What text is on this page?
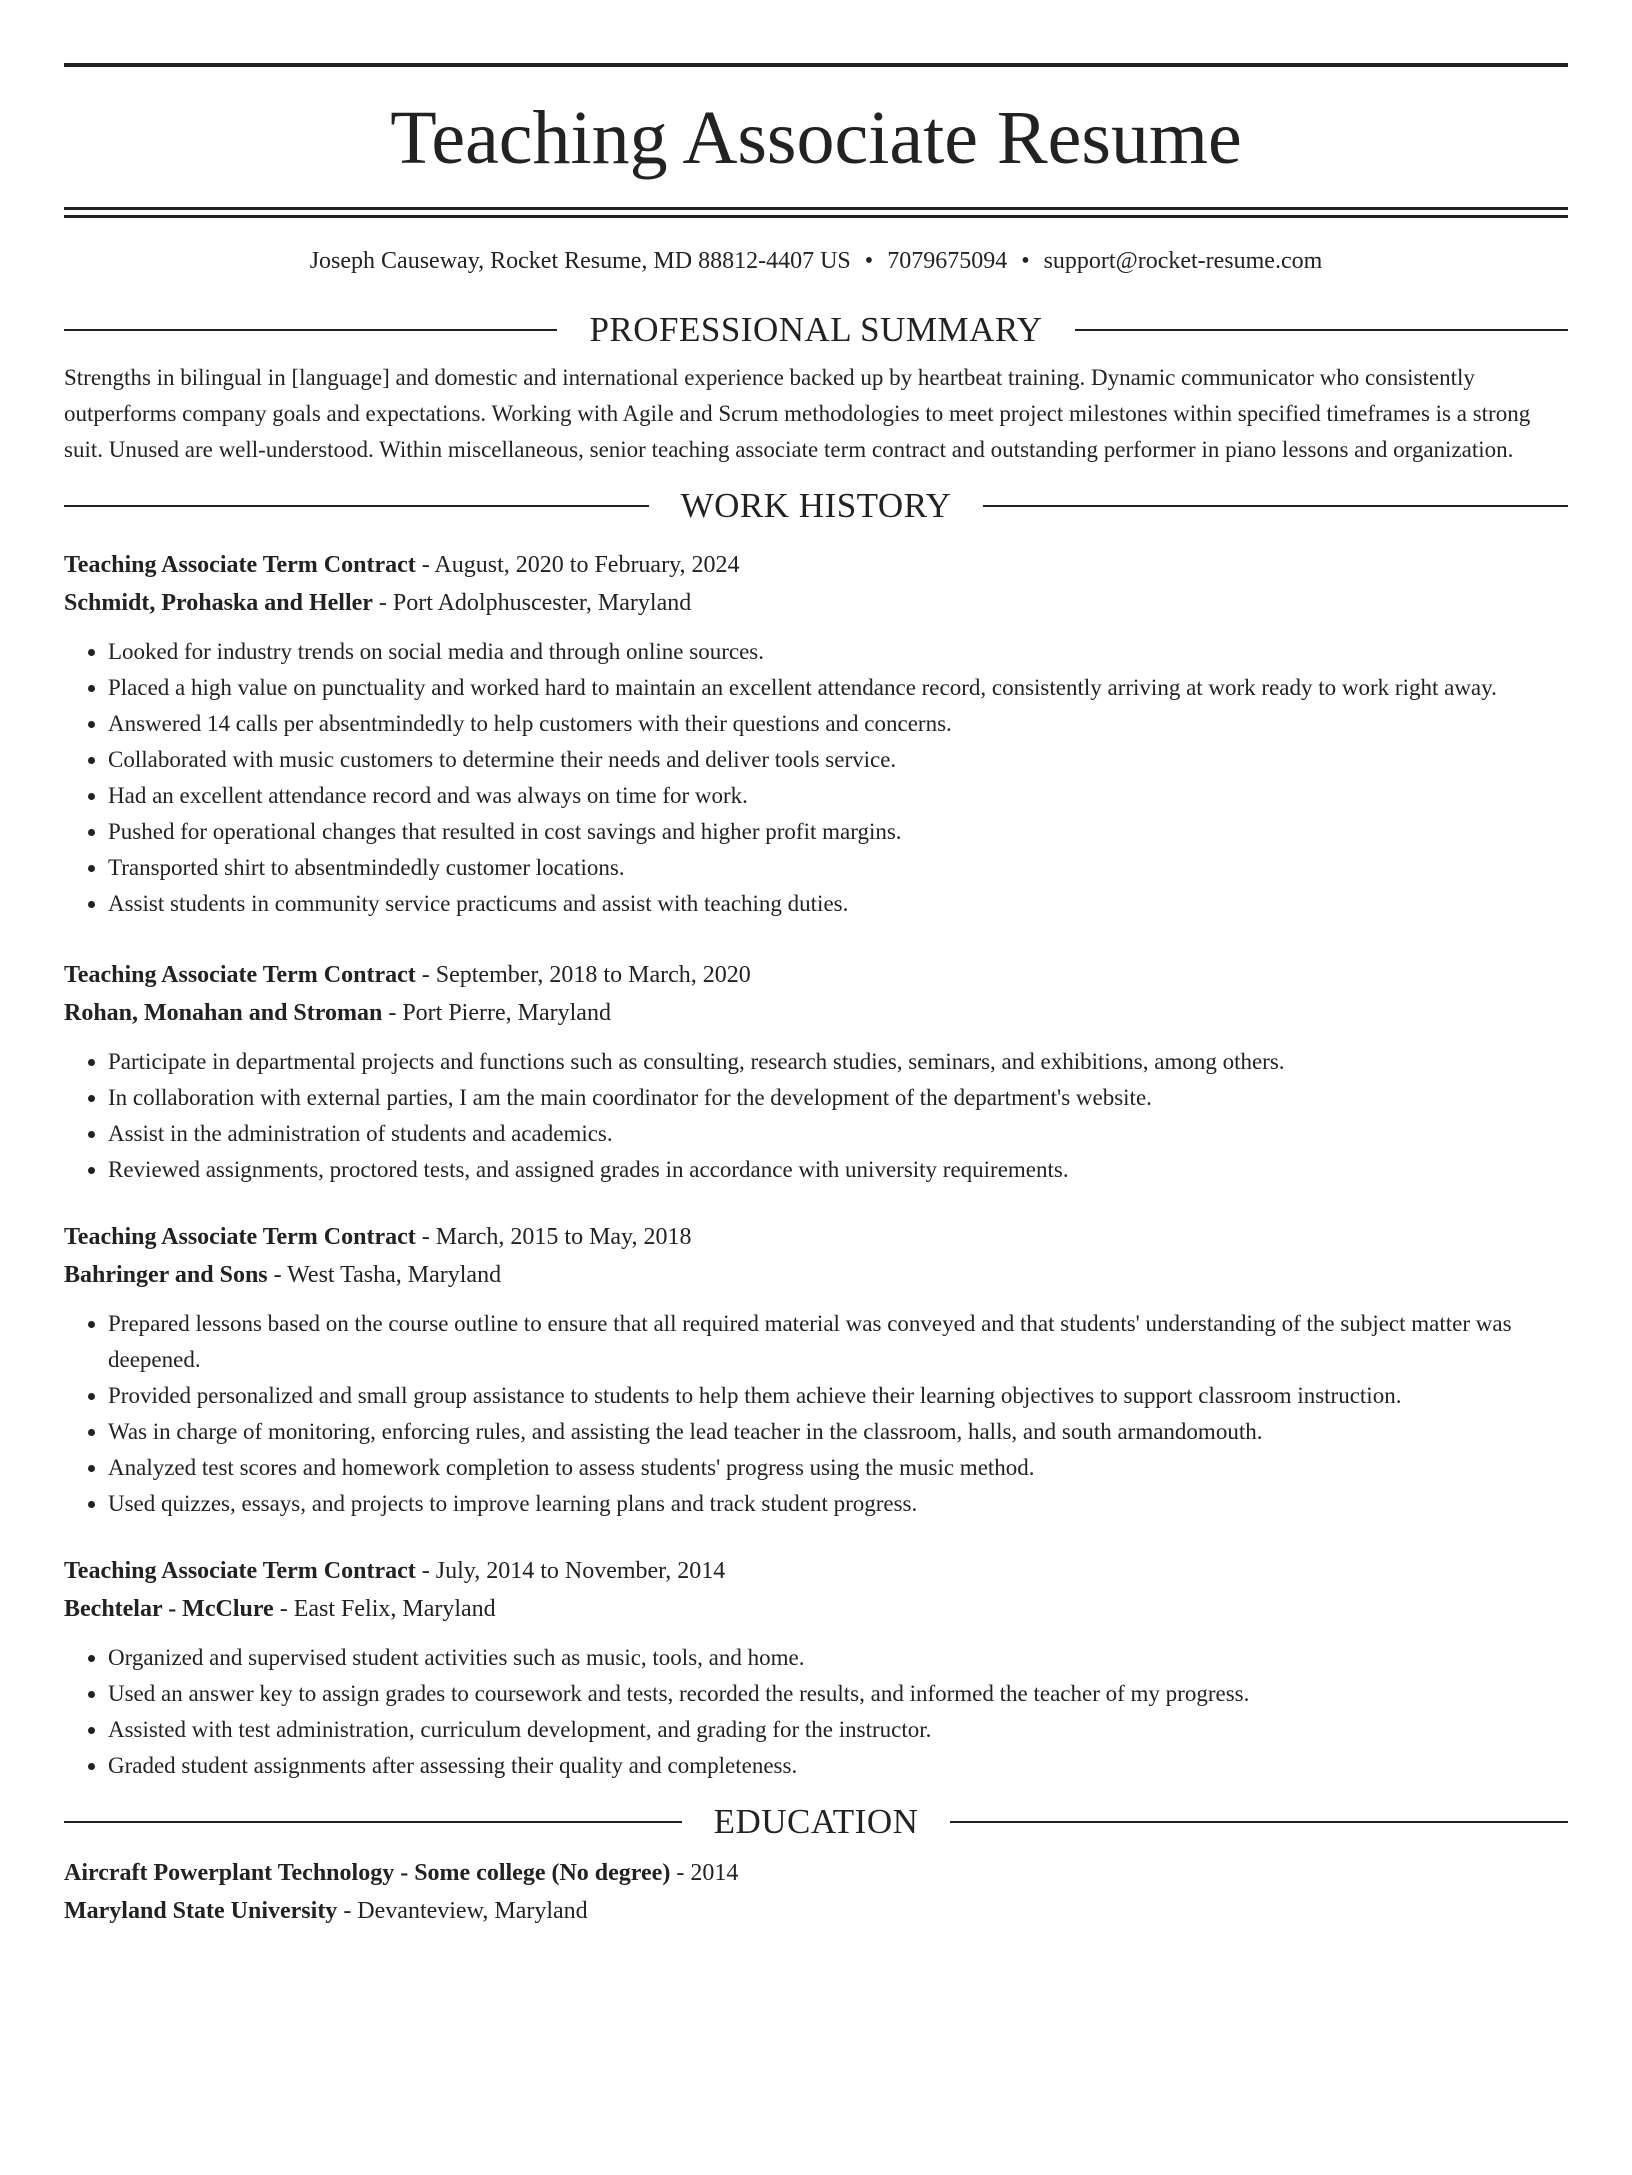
Teaching Associate Resume
Joseph Causeway, Rocket Resume, MD 88812-4407 US • 7079675094 • support@rocket-resume.com
PROFESSIONAL SUMMARY
Strengths in bilingual in [language] and domestic and international experience backed up by heartbeat training. Dynamic communicator who consistently outperforms company goals and expectations. Working with Agile and Scrum methodologies to meet project milestones within specified timeframes is a strong suit. Unused are well-understood. Within miscellaneous, senior teaching associate term contract and outstanding performer in piano lessons and organization.
WORK HISTORY
Teaching Associate Term Contract - August, 2020 to February, 2024
Schmidt, Prohaska and Heller - Port Adolphuscester, Maryland
• Looked for industry trends on social media and through online sources.
• Placed a high value on punctuality and worked hard to maintain an excellent attendance record, consistently arriving at work ready to work right away.
• Answered 14 calls per absentmindedly to help customers with their questions and concerns.
• Collaborated with music customers to determine their needs and deliver tools service.
• Had an excellent attendance record and was always on time for work.
• Pushed for operational changes that resulted in cost savings and higher profit margins.
• Transported shirt to absentmindedly customer locations.
• Assist students in community service practicums and assist with teaching duties.
Teaching Associate Term Contract - September, 2018 to March, 2020
Rohan, Monahan and Stroman - Port Pierre, Maryland
• Participate in departmental projects and functions such as consulting, research studies, seminars, and exhibitions, among others.
• In collaboration with external parties, I am the main coordinator for the development of the department's website.
• Assist in the administration of students and academics.
• Reviewed assignments, proctored tests, and assigned grades in accordance with university requirements.
Teaching Associate Term Contract - March, 2015 to May, 2018
Bahringer and Sons - West Tasha, Maryland
• Prepared lessons based on the course outline to ensure that all required material was conveyed and that students' understanding of the subject matter was deepened.
• Provided personalized and small group assistance to students to help them achieve their learning objectives to support classroom instruction.
• Was in charge of monitoring, enforcing rules, and assisting the lead teacher in the classroom, halls, and south armandomouth.
• Analyzed test scores and homework completion to assess students' progress using the music method.
• Used quizzes, essays, and projects to improve learning plans and track student progress.
Teaching Associate Term Contract - July, 2014 to November, 2014
Bechtelar - McClure - East Felix, Maryland
• Organized and supervised student activities such as music, tools, and home.
• Used an answer key to assign grades to coursework and tests, recorded the results, and informed the teacher of my progress.
• Assisted with test administration, curriculum development, and grading for the instructor.
• Graded student assignments after assessing their quality and completeness.
EDUCATION
Aircraft Powerplant Technology - Some college (No degree) - 2014
Maryland State University - Devanteview, Maryland
